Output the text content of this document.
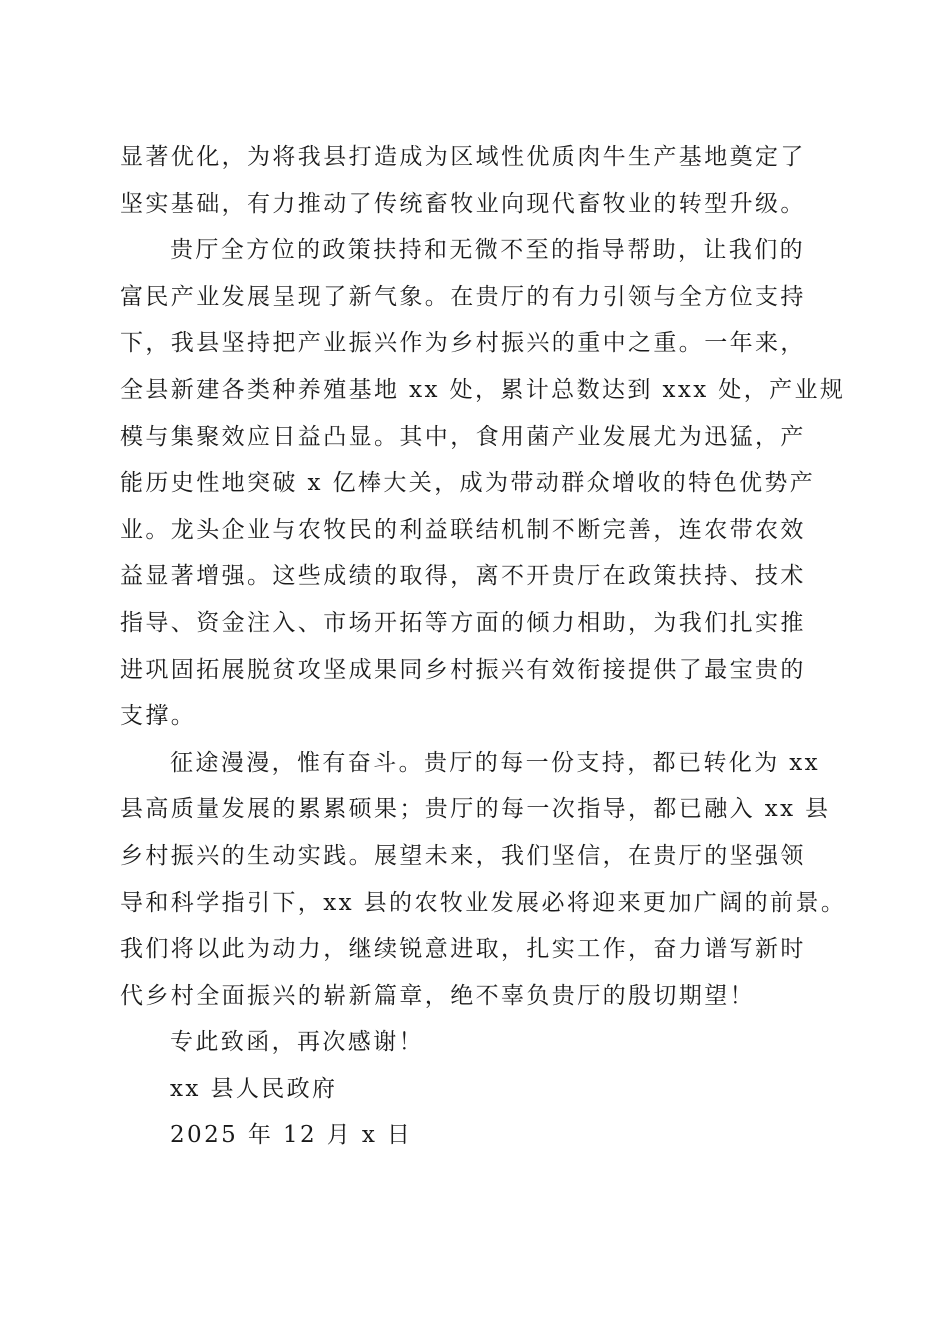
显著优化，为将我县打造成为区域性优质肉牛生产基地奠定了
坚实基础，有力推动了传统畜牧业向现代畜牧业的转型升级。
贵厅全方位的政策扶持和无微不至的指导帮助，让我们的
富民产业发展呈现了新气象。在贵厅的有力引领与全方位支持
下，我县坚持把产业振兴作为乡村振兴的重中之重。一年来，
全县新建各类种养殖基地 xx 处，累计总数达到 xxx 处，产业规
模与集聚效应日益凸显。其中，食用菌产业发展尤为迅猛，产
能历史性地突破 x 亿棒大关，成为带动群众增收的特色优势产
业。龙头企业与农牧民的利益联结机制不断完善，连农带农效
益显著增强。这些成绩的取得，离不开贵厅在政策扶持、技术
指导、资金注入、市场开拓等方面的倾力相助，为我们扎实推
进巩固拓展脱贫攻坚成果同乡村振兴有效衔接提供了最宝贵的
支撑。
征途漫漫，惟有奋斗。贵厅的每一份支持，都已转化为 xx
县高质量发展的累累硕果；贵厅的每一次指导，都已融入 xx 县
乡村振兴的生动实践。展望未来，我们坚信，在贵厅的坚强领
导和科学指引下，xx 县的农牧业发展必将迎来更加广阔的前景。
我们将以此为动力，继续锐意进取，扎实工作，奋力谱写新时
代乡村全面振兴的崭新篇章，绝不辜负贵厅的殷切期望！
专此致函，再次感谢！
xx 县人民政府
2025 年 12 月 x 日
